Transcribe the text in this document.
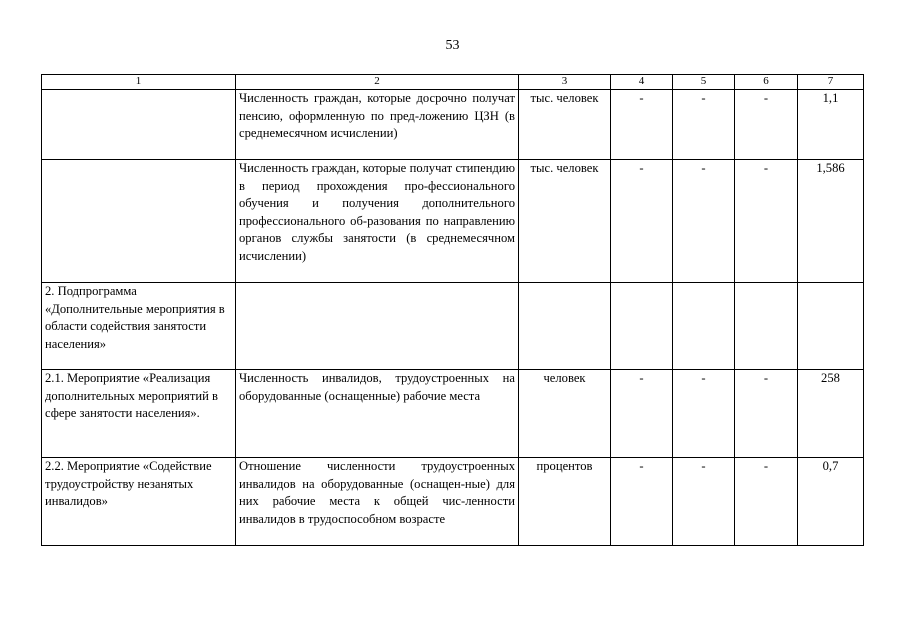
53
1	2	3	4	5	6	7
	Численность граждан, которые досрочно получат пенсию, оформленную по пред-ложению ЦЗН (в среднемесячном исчислении)	тыс. человек	-	-	-	1,1
	Численность граждан, которые получат стипендию в период прохождения про-фессионального обучения и получения дополнительного профессионального об-разования по направлению органов службы занятости (в среднемесячном исчислении)	тыс. человек	-	-	-	1,586
2. Подпрограмма «Дополнительные мероприятия в области содействия занятости населения»						
2.1. Мероприятие «Реализация дополнительных мероприятий в сфере занятости населения».	Численность инвалидов, трудоустроенных на оборудованные (оснащенные) рабочие места	человек	-	-	-	258
2.2. Мероприятие «Содействие трудоустройству незанятых инвалидов»	Отношение численности трудоустроенных инвалидов на оборудованные (оснащен-ные) для них рабочие места к общей чис-ленности инвалидов в трудоспособном возрасте	процентов	-	-	-	0,7
